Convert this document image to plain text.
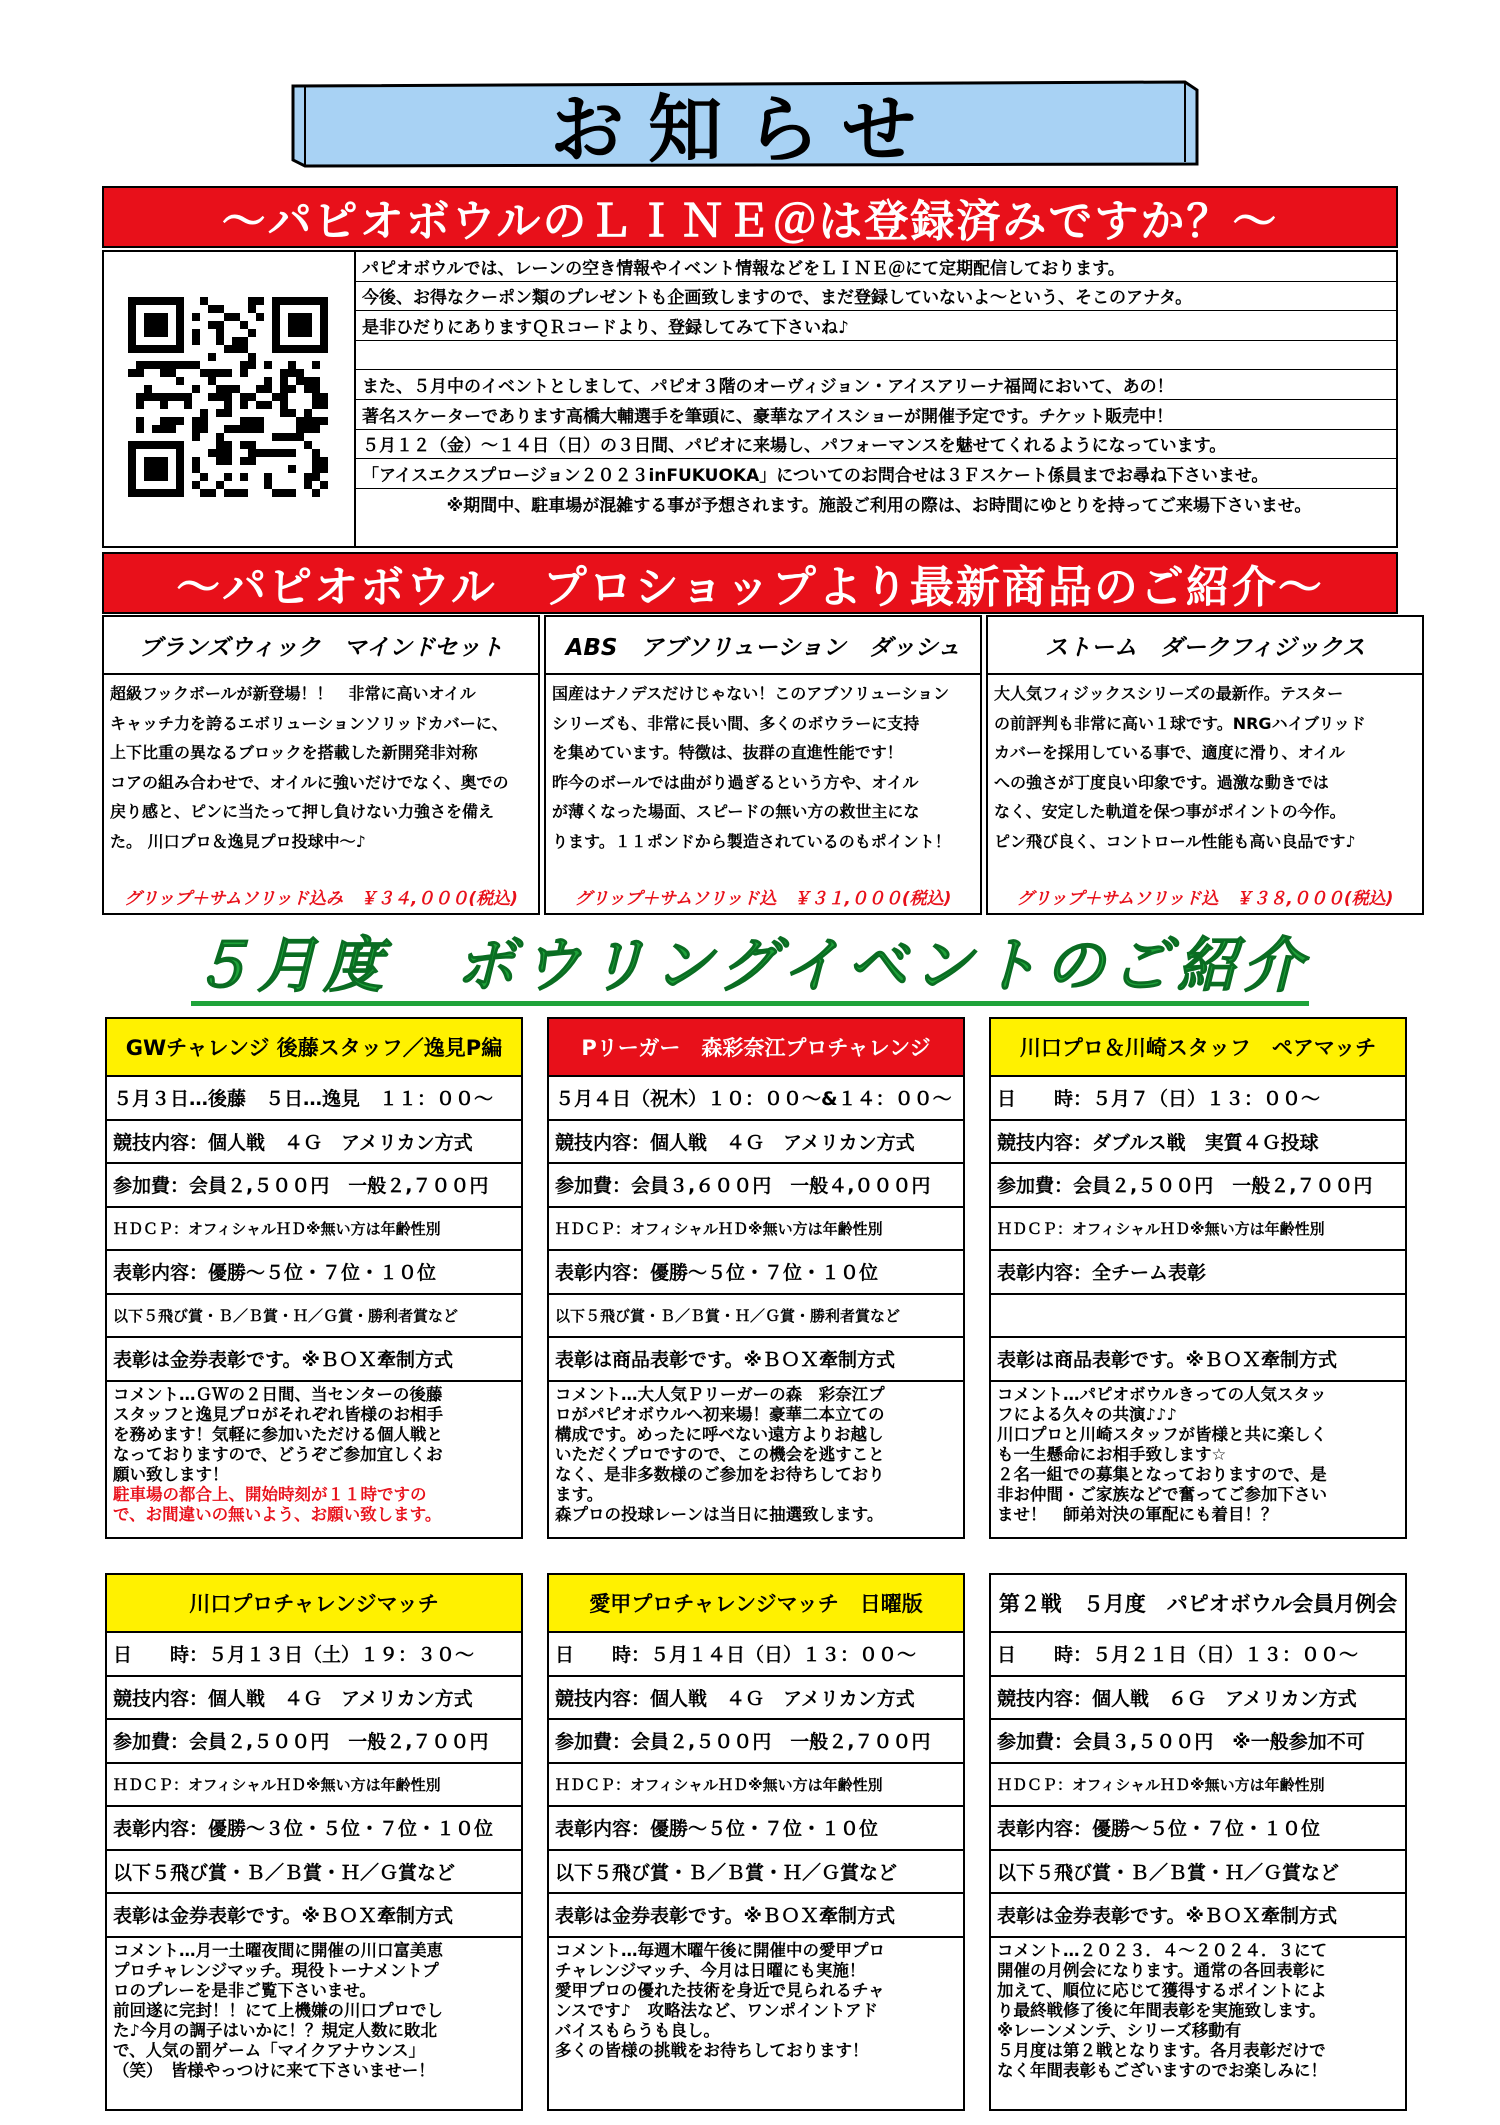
お知らせ
～パピオボウルのＬＩＮＥ＠は登録済みですか？～
パピオボウルでは、レーンの空き情報やイベント情報などをＬＩＮＥ＠にて定期配信しております。
今後、お得なクーポン類のプレゼントも企画致しますので、まだ登録していないよ～という、そこのアナタ。
是非ひだりにありますＱＲコードより、登録してみて下さいね♪
また、５月中のイベントとしまして、パピオ３階のオーヴィジョン・アイスアリーナ福岡において、あの！
著名スケーターであります高橋大輔選手を筆頭に、豪華なアイスショーが開催予定です。チケット販売中！
５月１２（金）～１４日（日）の３日間、パピオに来場し、パフォーマンスを魅せてくれるようになっています。
「アイスエクスプロージョン２０２３inFUKUOKA」についてのお問合せは３Ｆスケート係員までお尋ね下さいませ。
※期間中、駐車場が混雑する事が予想されます。施設ご利用の際は、お時間にゆとりを持ってご来場下さいませ。
～パピオボウル　プロショップより最新商品のご紹介～
ブランズウィック　マインドセット
超級フックボールが新登場！！　非常に高いオイル
キャッチ力を誇るエボリューションソリッドカバーに、
上下比重の異なるブロックを搭載した新開発非対称
コアの組み合わせで、オイルに強いだけでなく、奥での
戻り感と、ピンに当たって押し負けない力強さを備え
た。 川口プロ＆逸見プロ投球中～♪
グリップ＋サムソリッド込み　￥３４,０００(税込)
ABS　アブソリューション　ダッシュ
国産はナノデスだけじゃない！このアブソリューション
シリーズも、非常に長い間、多くのボウラーに支持
を集めています。特徴は、抜群の直進性能です！
昨今のボールでは曲がり過ぎるという方や、オイル
が薄くなった場面、スピードの無い方の救世主にな
ります。１１ポンドから製造されているのもポイント！
グリップ＋サムソリッド込　￥３１,０００(税込)
ストーム　ダークフィジックス
大人気フィジックスシリーズの最新作。テスター
の前評判も非常に高い１球です。NRGハイブリッド
カバーを採用している事で、適度に滑り、オイル
への強さが丁度良い印象です。過激な動きでは
なく、安定した軌道を保つ事がポイントの今作。
ピン飛び良く、コントロール性能も高い良品です♪
グリップ＋サムソリッド込　￥３８,０００(税込)
５月度　ボウリングイベントのご紹介
GWチャレンジ 後藤スタッフ／逸見P編
５月３日…後藤　５日…逸見　１１：００～
競技内容：個人戦　４Ｇ　アメリカン方式
参加費：会員２,５００円　一般２,７００円
ＨＤＣＰ：オフィシャルＨＤ※無い方は年齢性別
表彰内容：優勝～５位・７位・１０位
以下５飛び賞・Ｂ／Ｂ賞・Ｈ／Ｇ賞・勝利者賞など
表彰は金券表彰です。※ＢＯＸ牽制方式
コメント…ＧＷの２日間、当センターの後藤
スタッフと逸見プロがそれぞれ皆様のお相手
を務めます！気軽に参加いただける個人戦と
なっておりますので、どうぞご参加宜しくお
願い致します！
駐車場の都合上、開始時刻が１１時ですの
で、お間違いの無いよう、お願い致します。
Pリーガー　森彩奈江プロチャレンジ
５月４日（祝木）１０：００～&１４：００～
競技内容：個人戦　４Ｇ　アメリカン方式
参加費：会員３,６００円　一般４,０００円
ＨＤＣＰ：オフィシャルＨＤ※無い方は年齢性別
表彰内容：優勝～５位・７位・１０位
以下５飛び賞・Ｂ／Ｂ賞・Ｈ／Ｇ賞・勝利者賞など
表彰は商品表彰です。※ＢＯＸ牽制方式
コメント…大人気Ｐリーガーの森　彩奈江プ
ロがパピオボウルへ初来場！豪華二本立ての
構成です。めったに呼べない遠方よりお越し
いただくプロですので、この機会を逃すこと
なく、是非多数様のご参加をお待ちしており
ます。
森プロの投球レーンは当日に抽選致します。
川口プロ＆川崎スタッフ　ペアマッチ
日　　時：５月７（日）１３：００～
競技内容：ダブルス戦　実質４Ｇ投球
参加費：会員２,５００円　一般２,７００円
ＨＤＣＰ：オフィシャルＨＤ※無い方は年齢性別
表彰内容：全チーム表彰
表彰は商品表彰です。※ＢＯＸ牽制方式
コメント…パピオボウルきっての人気スタッ
フによる久々の共演♪♪♪
川口プロと川崎スタッフが皆様と共に楽しく
も一生懸命にお相手致します☆
２名一組での募集となっておりますので、是
非お仲間・ご家族などで奮ってご参加下さい
ませ！　師弟対決の軍配にも着目！？
川口プロチャレンジマッチ
日　　時：５月１３日（土）１９：３０～
競技内容：個人戦　４Ｇ　アメリカン方式
参加費：会員２,５００円　一般２,７００円
ＨＤＣＰ：オフィシャルＨＤ※無い方は年齢性別
表彰内容：優勝～３位・５位・７位・１０位
以下５飛び賞・Ｂ／Ｂ賞・Ｈ／Ｇ賞など
表彰は金券表彰です。※ＢＯＸ牽制方式
コメント…月一土曜夜間に開催の川口富美恵
プロチャレンジマッチ。現役トーナメントプ
ロのプレーを是非ご覧下さいませ。
前回遂に完封！！にて上機嫌の川口プロでし
た♪今月の調子はいかに！？規定人数に敗北
で、人気の罰ゲーム「マイクアナウンス」
（笑）　皆様やっつけに来て下さいませー！
愛甲プロチャレンジマッチ　日曜版
日　　時：５月１４日（日）１３：００～
競技内容：個人戦　４Ｇ　アメリカン方式
参加費：会員２,５００円　一般２,７００円
ＨＤＣＰ：オフィシャルＨＤ※無い方は年齢性別
表彰内容：優勝～５位・７位・１０位
以下５飛び賞・Ｂ／Ｂ賞・Ｈ／Ｇ賞など
表彰は金券表彰です。※ＢＯＸ牽制方式
コメント…毎週木曜午後に開催中の愛甲プロ
チャレンジマッチ、今月は日曜にも実施！
愛甲プロの優れた技術を身近で見られるチャ
ンスです♪　攻略法など、ワンポイントアド
バイスもらうも良し。
多くの皆様の挑戦をお待ちしております！
第２戦　５月度　パピオボウル会員月例会
日　　時：５月２１日（日）１３：００～
競技内容：個人戦　６Ｇ　アメリカン方式
参加費：会員３,５００円　※一般参加不可
ＨＤＣＰ：オフィシャルＨＤ※無い方は年齢性別
表彰内容：優勝～５位・７位・１０位
以下５飛び賞・Ｂ／Ｂ賞・Ｈ／Ｇ賞など
表彰は金券表彰です。※ＢＯＸ牽制方式
コメント…２０２３．４～２０２４．３にて
開催の月例会になります。通常の各回表彰に
加えて、順位に応じて獲得するポイントによ
り最終戦修了後に年間表彰を実施致します。
※レーンメンテ、シリーズ移動有
５月度は第２戦となります。各月表彰だけで
なく年間表彰もございますのでお楽しみに！
